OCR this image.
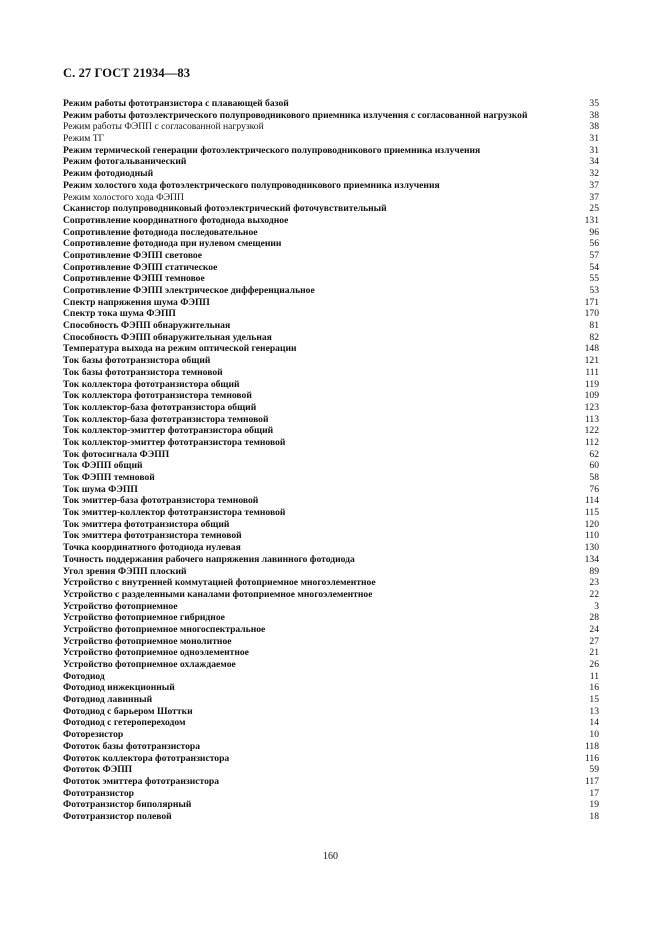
С. 27 ГОСТ 21934—83
Режим работы фототранзистора с плавающей базой	35
Режим работы фотоэлектрического полупроводникового приемника излучения с согласованной нагрузкой	38
Режим работы ФЭПП с согласованной нагрузкой	38
Режим ТГ	31
Режим термической генерации фотоэлектрического полупроводникового приемника излучения	31
Режим фотогальванический	34
Режим фотодиодный	32
Режим холостого хода фотоэлектрического полупроводникового приемника излучения	37
Режим холостого хода ФЭПП	37
Сканистор полупроводниковый фотоэлектрический фоточувствительный	25
Сопротивление координатного фотодиода выходное	131
Сопротивление фотодиода последовательное	96
Сопротивление фотодиода при нулевом смещении	56
Сопротивление ФЭПП световое	57
Сопротивление ФЭПП статическое	54
Сопротивление ФЭПП темновое	55
Сопротивление ФЭПП электрическое дифференциальное	53
Спектр напряжения шума ФЭПП	171
Спектр тока шума ФЭПП	170
Способность ФЭПП обнаружительная	81
Способность ФЭПП обнаружительная удельная	82
Температура выхода на режим оптической генерации	148
Ток базы фототранзистора общий	121
Ток базы фототранзистора темновой	111
Ток коллектора фототранзистора общий	119
Ток коллектора фототранзистора темновой	109
Ток коллектор-база фототранзистора общий	123
Ток коллектор-база фототранзистора темновой	113
Ток коллектор-эмиттер фототранзистора общий	122
Ток коллектор-эмиттер фототранзистора темновой	112
Ток фотосигнала ФЭПП	62
Ток ФЭПП общий	60
Ток ФЭПП темновой	58
Ток шума ФЭПП	76
Ток эмиттер-база фототранзистора темновой	114
Ток эмиттер-коллектор фототранзистора темновой	115
Ток эмиттера фототранзистора общий	120
Ток эмиттера фототранзистора темновой	110
Точка координатного фотодиода нулевая	130
Точность поддержания рабочего напряжения лавинного фотодиода	134
Угол зрения ФЭПП плоский	89
Устройство с внутренней коммутацией фотоприемное многоэлементное	23
Устройство с разделенными каналами фотоприемное многоэлементное	22
Устройство фотоприемное	3
Устройство фотоприемное гибридное	28
Устройство фотоприемное многоспектральное	24
Устройство фотоприемное монолитное	27
Устройство фотоприемное одноэлементное	21
Устройство фотоприемное охлаждаемое	26
Фотодиод	11
Фотодиод инжекционный	16
Фотодиод лавинный	15
Фотодиод с барьером Шоттки	13
Фотодиод с гетеропереходом	14
Фоторезистор	10
Фототок базы фототранзистора	118
Фототок коллектора фототранзистора	116
Фототок ФЭПП	59
Фототок эмиттера фототранзистора	117
Фототранзистор	17
Фототранзистор биполярный	19
Фототранзистор полевой	18
160
